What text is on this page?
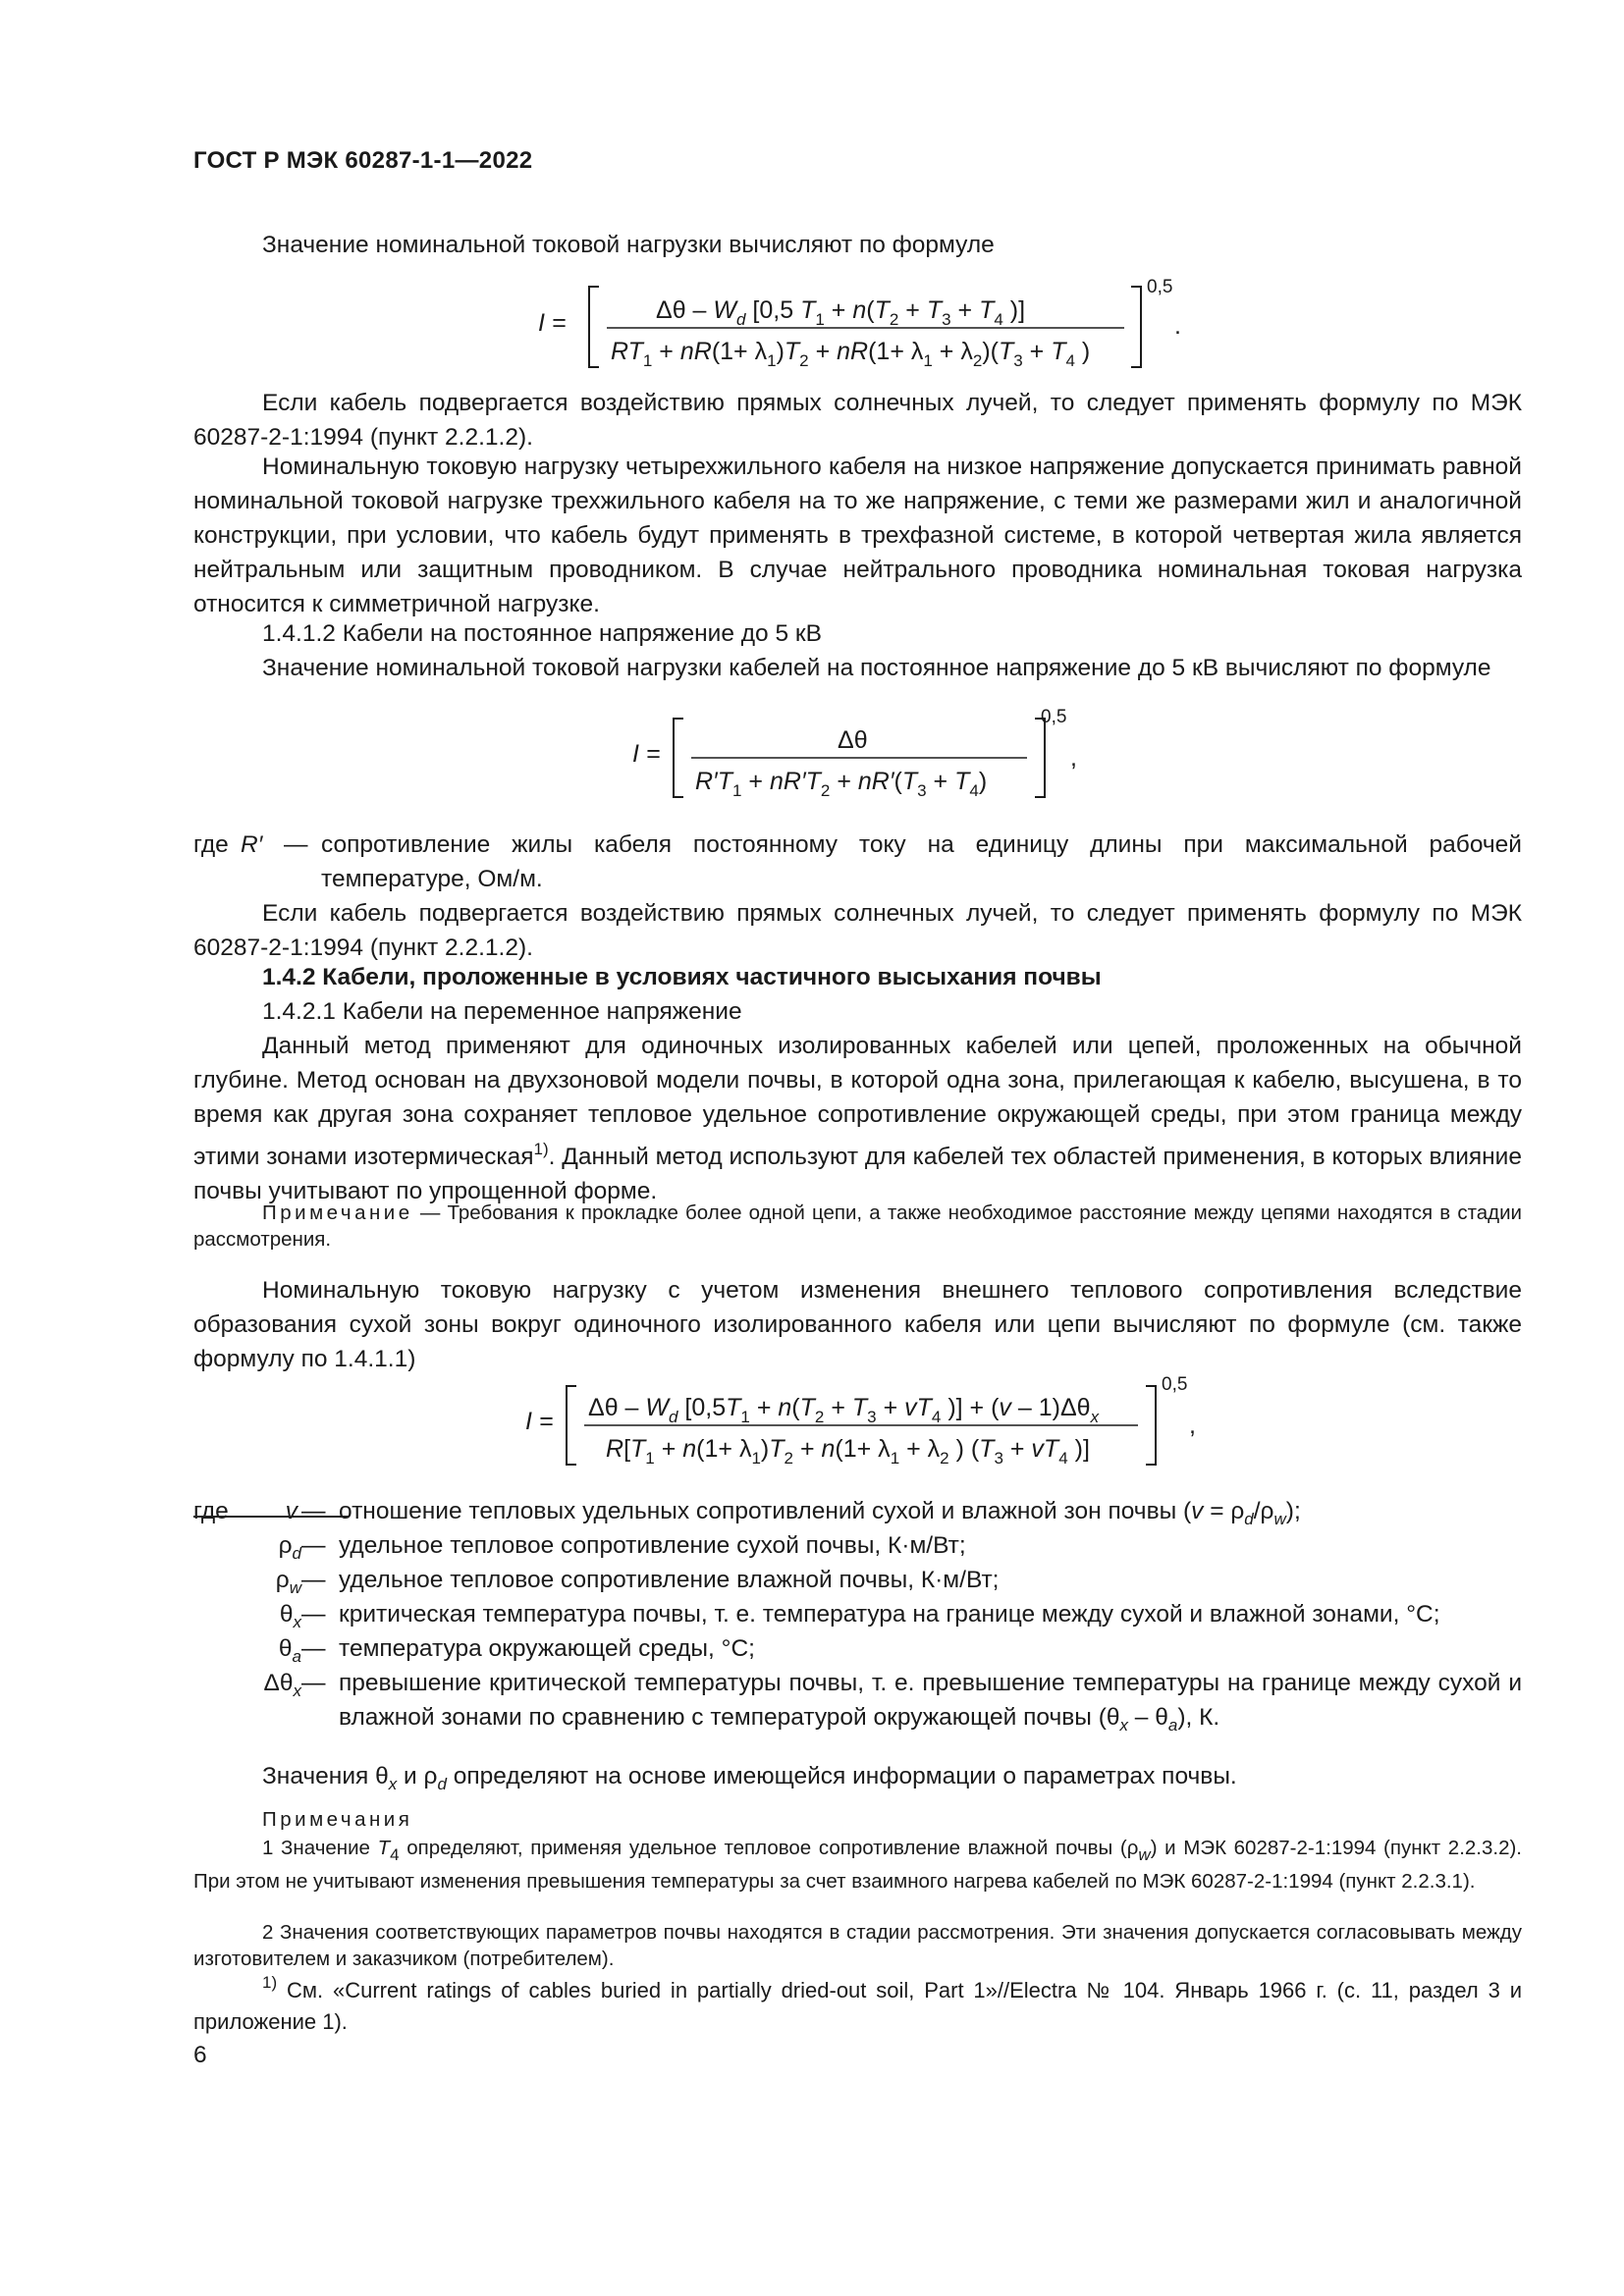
ГОСТ Р МЭК 60287-1-1—2022
Значение номинальной токовой нагрузки вычисляют по формуле
I =	Δθ – $W_d$ [0,5 $T_1 + n(T_2 + T_3 + T_4$ )]
$RT_1 + nR(1+ \lambda_1)T_2 + nR(1+ \lambda_1 + \lambda_2)(T_3 + T_4$ )
0,5
.
Если кабель подвергается воздействию прямых солнечных лучей, то следует применять формулу по МЭК 60287-2-1:1994 (пункт 2.2.1.2).
Номинальную токовую нагрузку четырехжильного кабеля на низкое напряжение допускается принимать равной номинальной токовой нагрузке трехжильного кабеля на то же напряжение, с теми же размерами жил и аналогичной конструкции, при условии, что кабель будут применять в трехфазной системе, в которой четвертая жила является нейтральным или защитным проводником. В случае нейтрального проводника номинальная токовая нагрузка относится к симметричной нагрузке.
1.4.1.2 Кабели на постоянное напряжение до 5 кВ
Значение номинальной токовой нагрузки кабелей на постоянное напряжение до 5 кВ вычисляют по формуле
I =	Δθ
$R'T_1 + nR'T_2 + nR'(T_3 + T_4)$
0,5
,
где R′ — сопротивление жилы кабеля постоянному току на единицу длины при максимальной рабочей температуре, Ом/м.
Если кабель подвергается воздействию прямых солнечных лучей, то следует применять формулу по МЭК 60287-2-1:1994 (пункт 2.2.1.2).
1.4.2 Кабели, проложенные в условиях частичного высыхания почвы
1.4.2.1 Кабели на переменное напряжение
Данный метод применяют для одиночных изолированных кабелей или цепей, проложенных на обычной глубине. Метод основан на двухзоновой модели почвы, в которой одна зона, прилегающая к кабелю, высушена, в то время как другая зона сохраняет тепловое удельное сопротивление окружающей среды, при этом граница между этими зонами изотермическая$^{1)}$. Данный метод используют для кабелей тех областей применения, в которых влияние почвы учитывают по упрощенной форме.
Примечание — Требования к прокладке более одной цепи, а также необходимое расстояние между цепями находятся в стадии рассмотрения.
Номинальную токовую нагрузку с учетом изменения внешнего теплового сопротивления вследствие образования сухой зоны вокруг одиночного изолированного кабеля или цепи вычисляют по формуле (см. также формулу по 1.4.1.1)
$I = \Delta\theta - W_d$ [$0,5T_1 + n(T_2 + T_3 + vT_4$ )] + $(v - 1)\Delta\theta_x$
$R[T_1 + n(1+ \lambda_1)T_2 + n(1+ \lambda_1 + \lambda_2$ ) ($T_3 + vT_4$ )]
0,5
,
где	v — отношение тепловых удельных сопротивлений сухой и влажной зон почвы $(v = \rho_d/\rho_w)$;
$\rho_d$ — удельное тепловое сопротивление сухой почвы, К·м/Вт;
$\rho_w$ — удельное тепловое сопротивление влажной почвы, К·м/Вт;
$\theta_x$ — критическая температура почвы, т. е. температура на границе между сухой и влажной зонами, °С;
$\theta_a$ — температура окружающей среды, °С;
$\Delta\theta_x$ — превышение критической температуры почвы, т. е. превышение температуры на границе между сухой и влажной зонами по сравнению с температурой окружающей почвы $(\theta_x - \theta_a)$, К.
Значения $\theta_x$ и $\rho_d$ определяют на основе имеющейся информации о параметрах почвы.
Примечания
1 Значение $T_4$ определяют, применяя удельное тепловое сопротивление влажной почвы $(\rho_w)$ и МЭК 60287-2-1:1994 (пункт 2.2.3.2). При этом не учитывают изменения превышения температуры за счет взаимного нагрева кабелей по МЭК 60287-2-1:1994 (пункт 2.2.3.1).
2 Значения соответствующих параметров почвы находятся в стадии рассмотрения. Эти значения допускается согласовывать между изготовителем и заказчиком (потребителем).
$^{1)}$ См. «Current ratings of cables buried in partially dried-out soil, Part 1»//Electra № 104. Январь 1966 г. (с. 11, раздел 3 и приложение 1).
6
